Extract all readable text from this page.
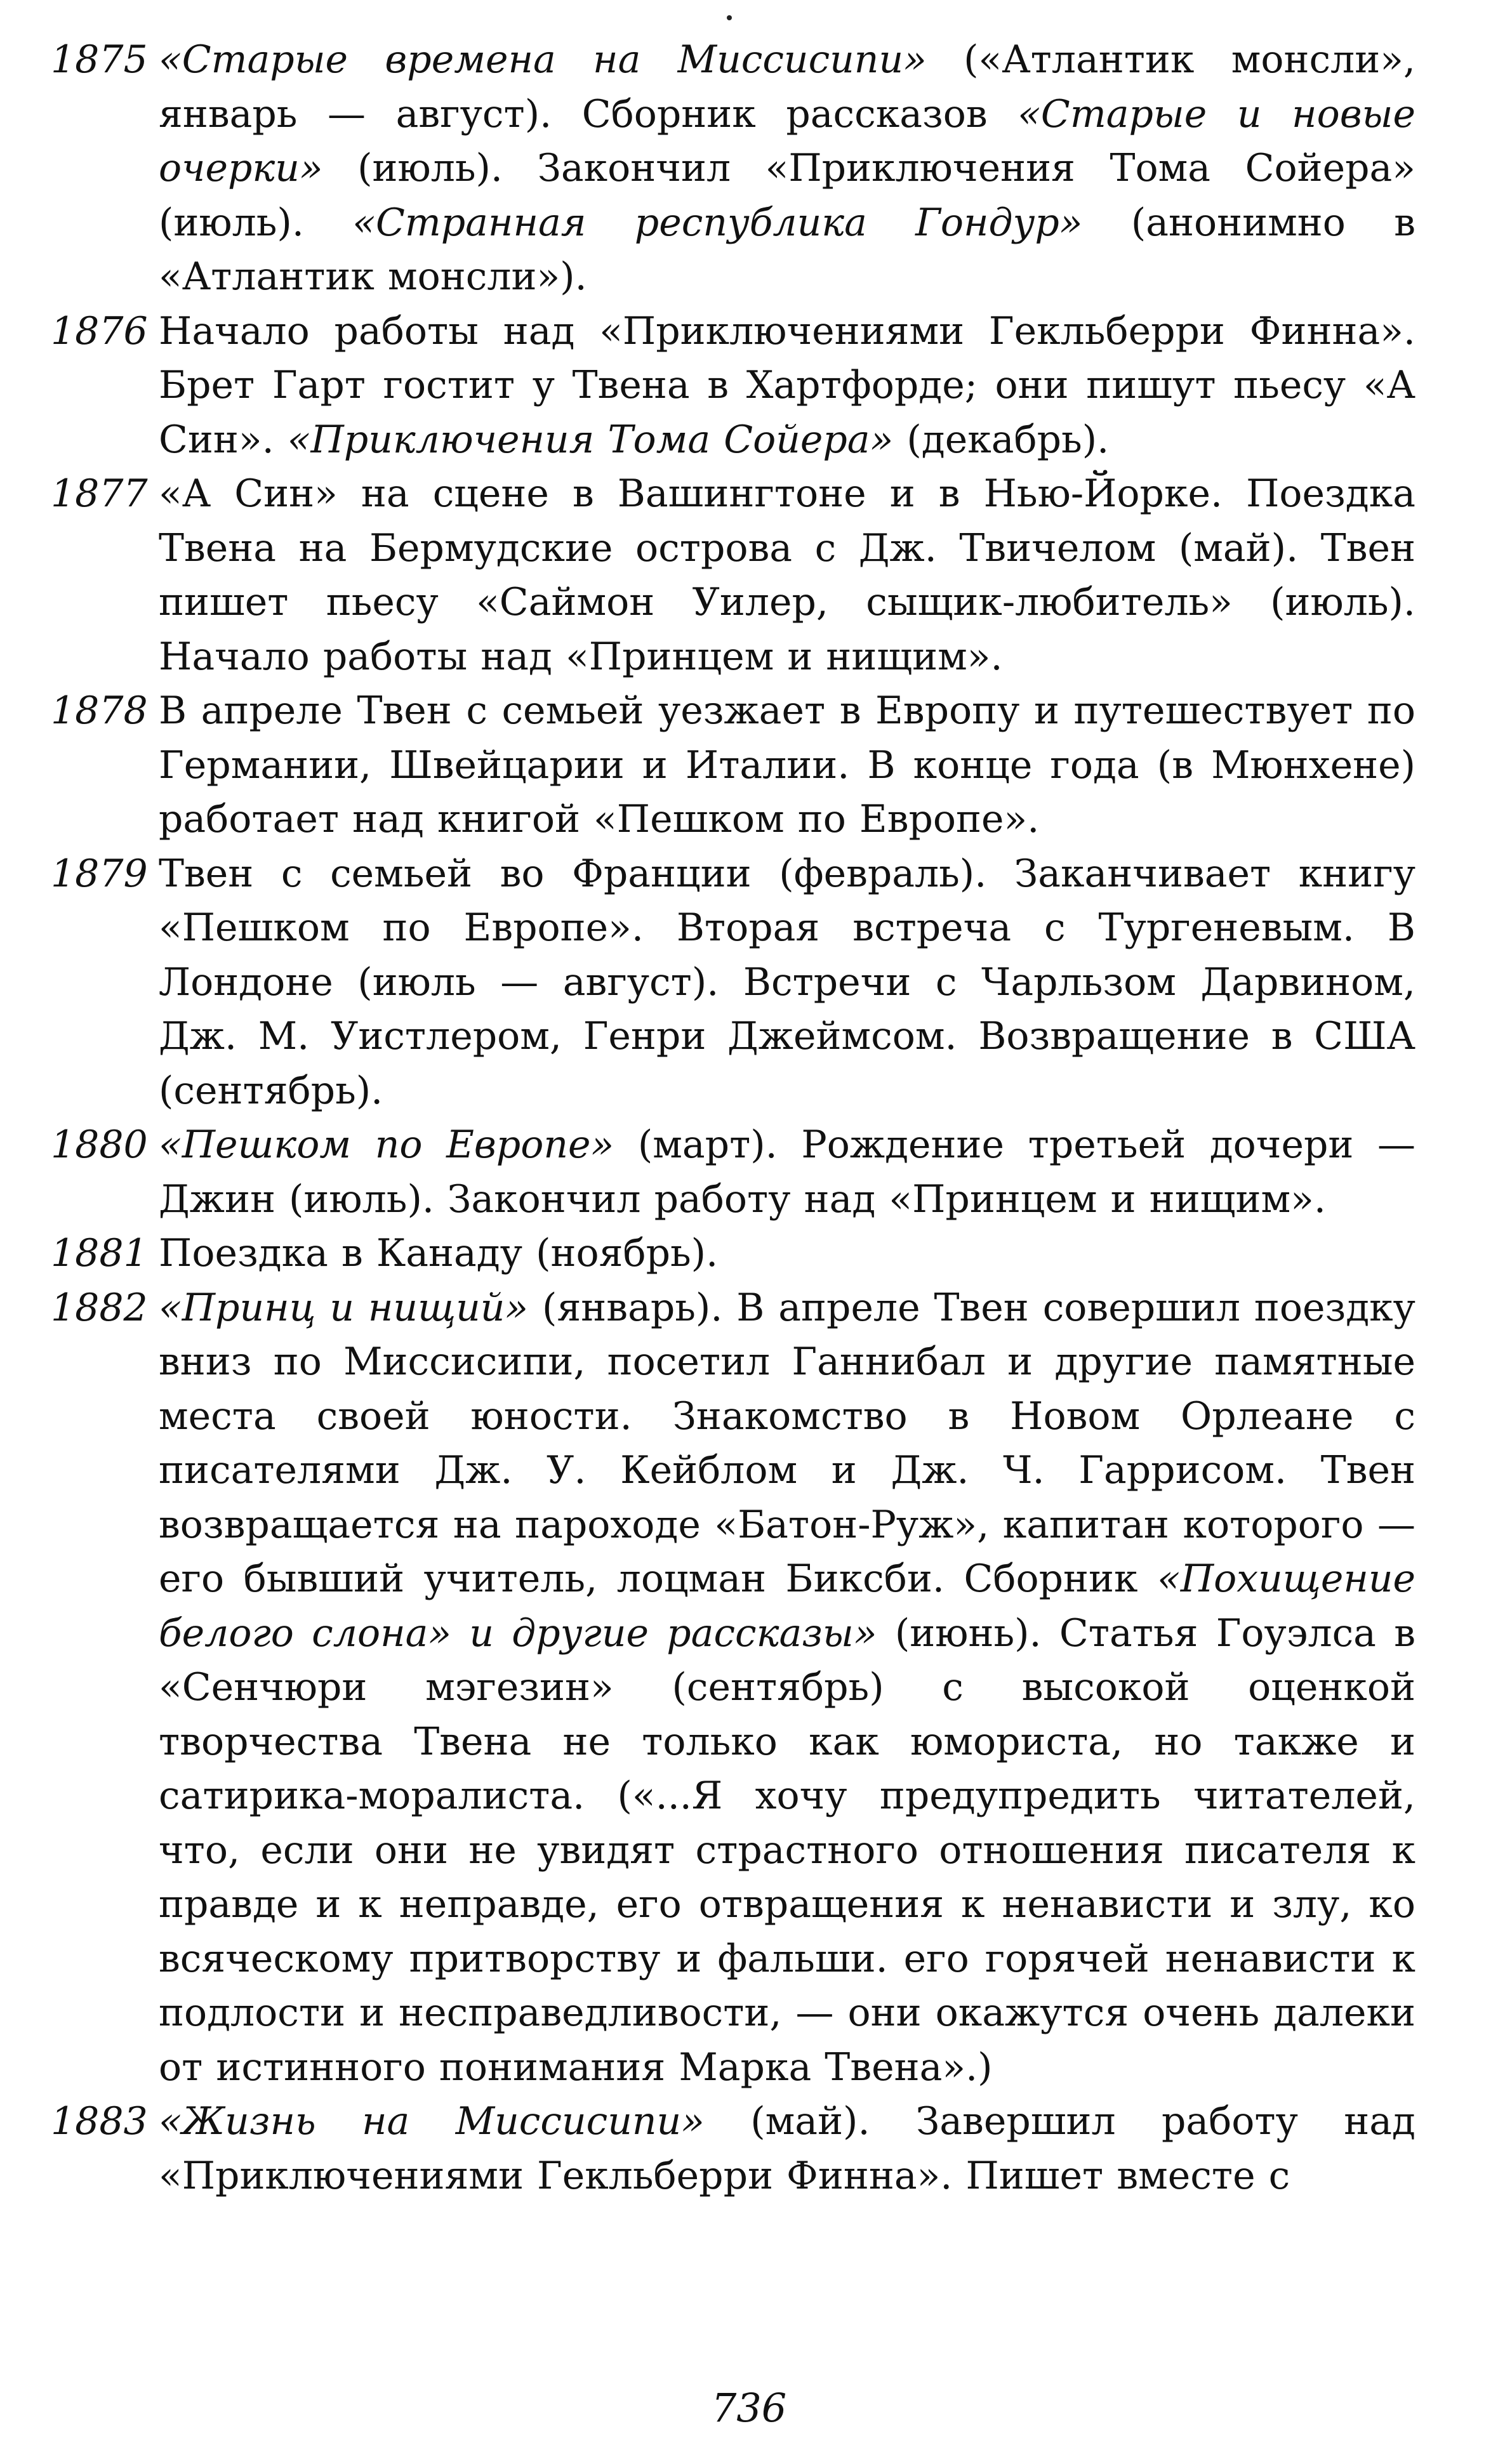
1875 «Старые времена на Миссисипи» («Атлантик монсли», январь — август). Сборник рассказов «Старые и новые очерки» (июль). Закончил «Приключения Тома Сойера» (июль). «Странная республика Гондур» (анонимно в «Атлантик монсли»).
1876 Начало работы над «Приключениями Гекльберри Финна». Брет Гарт гостит у Твена в Хартфорде; они пишут пьесу «А Син». «Приключения Тома Сойера» (декабрь).
1877 «А Син» на сцене в Вашингтоне и в Нью-Йорке. Поездка Твена на Бермудские острова с Дж. Твичелом (май). Твен пишет пьесу «Саймон Уилер, сыщик-любитель» (июль). Начало работы над «Принцем и нищим».
1878 В апреле Твен с семьей уезжает в Европу и путешествует по Германии, Швейцарии и Италии. В конце года (в Мюнхене) работает над книгой «Пешком по Европе».
1879 Твен с семьей во Франции (февраль). Заканчивает книгу «Пешком по Европе». Вторая встреча с Тургеневым. В Лондоне (июль — август). Встречи с Чарльзом Дарвином, Дж. М. Уистлером, Генри Джеймсом. Возвращение в США (сентябрь).
1880 «Пешком по Европе» (март). Рождение третьей дочери — Джин (июль). Закончил работу над «Принцем и нищим».
1881 Поездка в Канаду (ноябрь).
1882 «Принц и нищий» (январь). В апреле Твен совершил поездку вниз по Миссисипи, посетил Ганнибал и другие памятные места своей юности. Знакомство в Новом Орлеане с писателями Дж. У. Кейблом и Дж. Ч. Гаррисом. Твен возвращается на пароходе «Батон-Руж», капитан которого — его бывший учитель, лоцман Биксби. Сборник «Похищение белого слона» и другие рассказы» (июнь). Статья Гоуэлса в «Сенчюри мэгезин» (сентябрь) с высокой оценкой творчества Твена не только как юмориста, но также и сатирика-моралиста. («...Я хочу предупредить читателей, что, если они не увидят страстного отношения писателя к правде и к неправде, его отвращения к ненависти и злу, ко всяческому притворству и фальши. его горячей ненависти к подлости и несправедливости, — они окажутся очень далеки от истинного понимания Марка Твена».)
1883 «Жизнь на Миссисипи» (май). Завершил работу над «Приключениями Гекльберри Финна». Пишет вместе с
736
